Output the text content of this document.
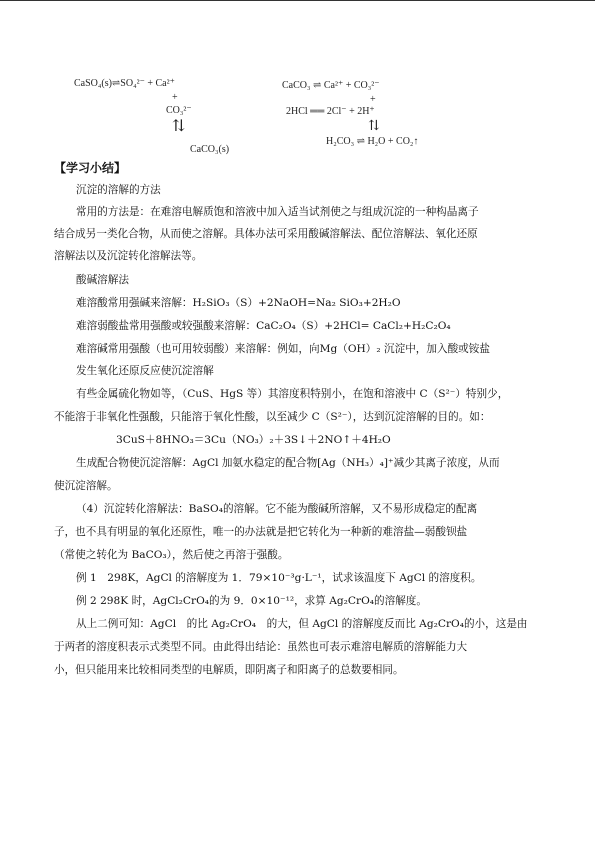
CaSO₄(s)⇌SO₄²⁻ + Ca²⁺
+
CO₃²⁻
⇅
CaCO₃(s)
CaCO₃ ⇌ Ca²⁺ + CO₃²⁻
+
2HCl ══ 2Cl⁻ + 2H⁺
⇅
H₂CO₃ ⇌ H₂O + CO₂↑
【学习小结】
沉淀的溶解的方法
常用的方法是：在难溶电解质饱和溶液中加入适当试剂使之与组成沉淀的一种构晶离子
结合成另一类化合物，从而使之溶解。具体办法可采用酸碱溶解法、配位溶解法、氧化还原
溶解法以及沉淀转化溶解法等。
酸碱溶解法
难溶酸常用强碱来溶解：H₂SiO₃（S）+2NaOH=Na₂ SiO₃+2H₂O
难溶弱酸盐常用强酸或较强酸来溶解：CaC₂O₄（S）+2HCl= CaCl₂+H₂C₂O₄
难溶碱常用强酸（也可用较弱酸）来溶解：例如，向Mg（OH）₂ 沉淀中，加入酸或铵盐
发生氧化还原反应使沉淀溶解
有些金属硫化物如等，（CuS、HgS 等）其溶度积特别小，在饱和溶液中 C（S²⁻）特别少，
不能溶于非氧化性强酸，只能溶于氧化性酸，以至减少 C（S²⁻），达到沉淀溶解的目的。如：
3CuS＋8HNO₃＝3Cu（NO₃）₂＋3S↓＋2NO↑＋4H₂O
生成配合物使沉淀溶解：AgCl 加氨水稳定的配合物[Ag（NH₃）₄]⁺减少其离子浓度，从而
使沉淀溶解。
（4）沉淀转化溶解法：BaSO₄的溶解。它不能为酸碱所溶解，又不易形成稳定的配离
子，也不具有明显的氧化还原性，唯一的办法就是把它转化为一种新的难溶盐—弱酸钡盐
（常使之转化为 BaCO₃），然后使之再溶于强酸。
例 1　298K，AgCl 的溶解度为 1．79×10⁻³g·L⁻¹，试求该温度下 AgCl 的溶度积。
例 2 298K 时，AgCl₂CrO₄的为 9．0×10⁻¹²，求算 Ag₂CrO₄的溶解度。
从上二例可知：AgCl　的比 Ag₂CrO₄　的大，但 AgCl 的溶解度反而比 Ag₂CrO₄的小，这是由
于两者的溶度积表示式类型不同。由此得出结论：虽然也可表示难溶电解质的溶解能力大
小，但只能用来比较相同类型的电解质，即阴离子和阳离子的总数要相同。
